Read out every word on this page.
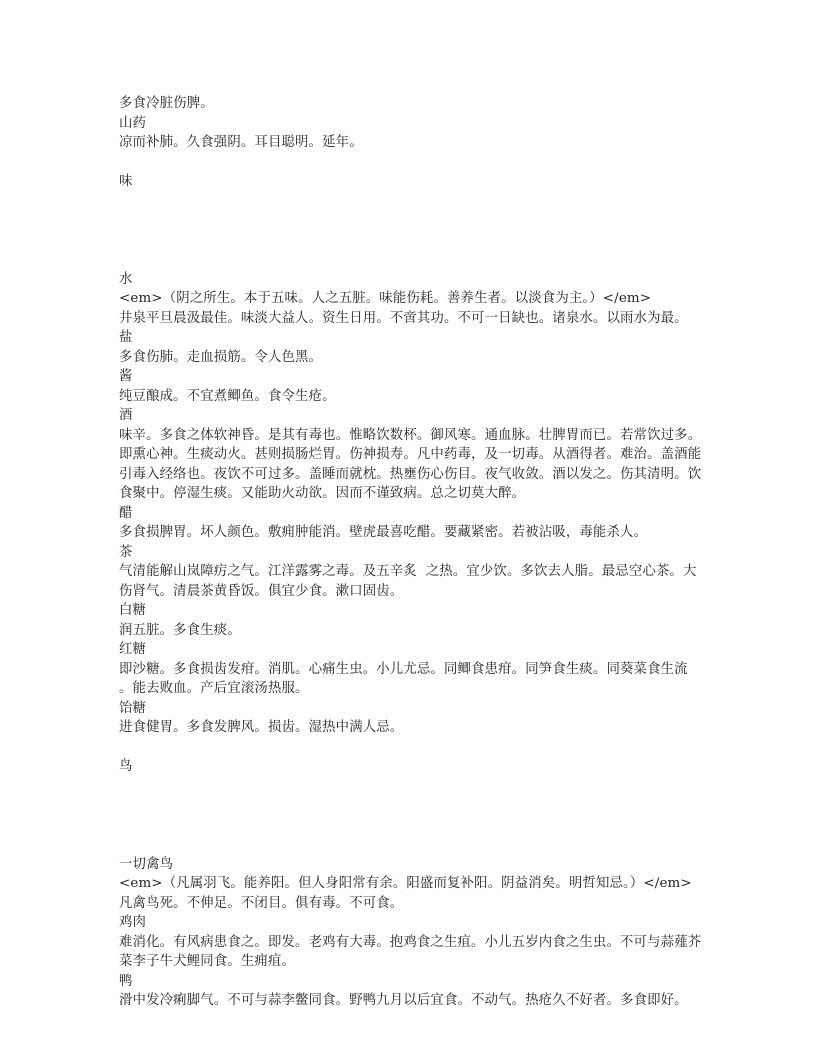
多食冷脏伤脾。

山药

凉而补肺。久食强阴。耳目聪明。延年。

味

水

<em>（阴之所生。本于五味。人之五脏。味能伤耗。善养生者。以淡食为主。）</em>

井泉平旦晨汲最佳。味淡大益人。资生日用。不啻其功。不可一日缺也。诸泉水。以雨水为最。

盐

多食伤肺。走血损筋。令人色黑。

酱

纯豆酿成。不宜煮鲫鱼。食令生疮。

酒

味辛。多食之体软神昏。是其有毒也。惟略饮数杯。御风寒。通血脉。壮脾胃而已。若常饮过多。即熏心神。生痰动火。甚则损肠烂胃。伤神损寿。凡中药毒，及一切毒。从酒得者。难治。盖酒能引毒入经络也。夜饮不可过多。盖睡而就枕。热壅伤心伤目。夜气收敛。酒以发之。伤其清明。饮食聚中。停湿生痰。又能助火动欲。因而不谨致病。总之切莫大醉。

醋

多食损脾胃。坏人颜色。敷痈肿能消。壁虎最喜吃醋。要藏紧密。若被沾吸，毒能杀人。

茶

气清能解山岚障疠之气。江洋露雾之毒。及五辛炙  之热。宜少饮。多饮去人脂。最忌空心茶。大伤肾气。清晨茶黄昏饭。俱宜少食。漱口固齿。

白糖

润五脏。多食生痰。

红糖

即沙糖。多食损齿发疳。消肌。心痛生虫。小儿尤忌。同鲫食患疳。同笋食生痰。同葵菜食生流  。能去败血。产后宜滚汤热服。

饴糖

进食健胃。多食发脾风。损齿。湿热中满人忌。

鸟

一切禽鸟

<em>（凡属羽飞。能养阳。但人身阳常有余。阳盛而复补阳。阴益消矣。明哲知忌。）</em>

凡禽鸟死。不伸足。不闭目。俱有毒。不可食。

鸡肉

难消化。有风病患食之。即发。老鸡有大毒。抱鸡食之生疽。小儿五岁内食之生虫。不可与蒜薤芥菜李子牛犬鲤同食。生痈疽。

鸭

滑中发冷痢脚气。不可与蒜李鳖同食。野鸭九月以后宜食。不动气。热疮久不好者。多食即好。
